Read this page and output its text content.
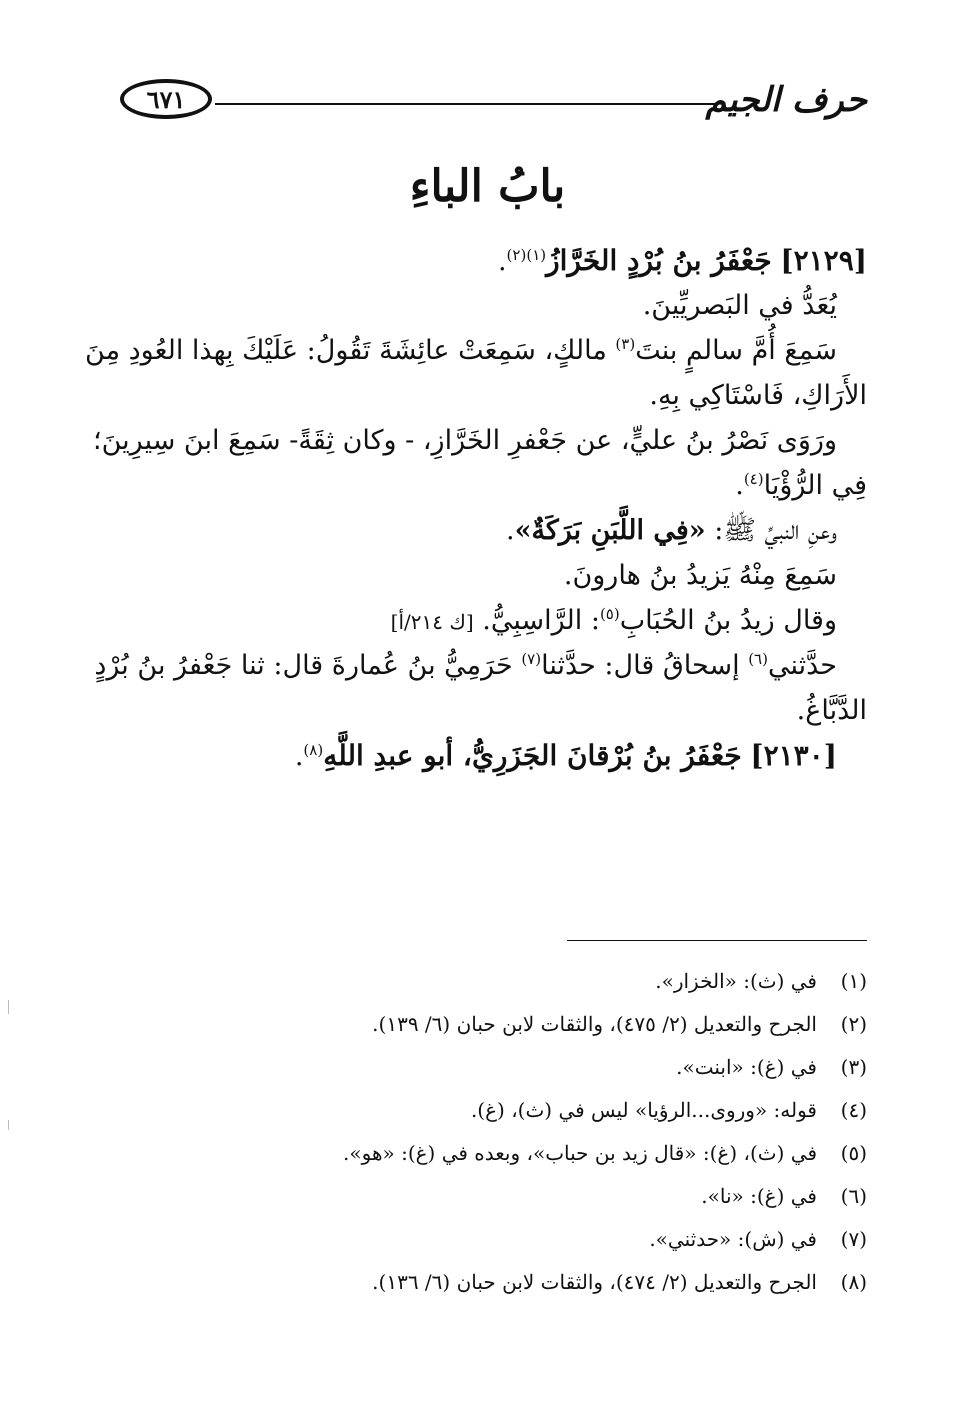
حرف الجيم
٦٧١
بابُ الباءِ
[٢١٢٩] جَعْفَرُ بنُ بُرْدٍ الخَرَّازُ$^{(١)(٢)}$.
يُعَدُّ في البَصريِّينَ.
سَمِعَ أُمَّ سالمٍ بنتَ$^{(٣)}$ مالكٍ، سَمِعَتْ عائِشَةَ تَقُولُ: عَلَيْكَ بِهذا العُودِ مِنَ
الأَرَاكِ، فَاسْتَاكِي بِهِ.
ورَوَى نَصْرُ بنُ عليٍّ، عن جَعْفرِ الخَرَّازِ، - وكان ثِقَةً- سَمِعَ ابنَ سِيرِينَ؛
فِي الرُّؤْيَا$^{(٤)}$.
وعنِ النبيِّ ﷺ: «فِي اللَّبَنِ بَرَكَةٌ».
سَمِعَ مِنْهُ يَزيدُ بنُ هارونَ.
وقال زيدُ بنُ الحُبَابِ$^{(٥)}$: الرَّاسِبِيُّ. [ك ٢١٤/أ]
حدَّثني$^{(٦)}$ إسحاقُ قال: حدَّثنا$^{(٧)}$ حَرَمِيُّ بنُ عُمارةَ قال: ثنا جَعْفرُ بنُ بُرْدٍ
الدَّبَّاغُ.
[٢١٣٠] جَعْفَرُ بنُ بُرْقانَ الجَزَرِيُّ، أبو عبدِ اللَّهِ$^{(٨)}$.
(١)في (ث): «الخزار».
(٢)الجرح والتعديل (٢/ ٤٧٥)، والثقات لابن حبان (٦/ ١٣٩).
(٣)في (غ): «ابنت».
(٤)قوله: «وروى...الرؤيا» ليس في (ث)، (غ).
(٥)في (ث)، (غ): «قال زيد بن حباب»، وبعده في (غ): «هو».
(٦)في (غ): «نا».
(٧)في (ش): «حدثني».
(٨)الجرح والتعديل (٢/ ٤٧٤)، والثقات لابن حبان (٦/ ١٣٦).
